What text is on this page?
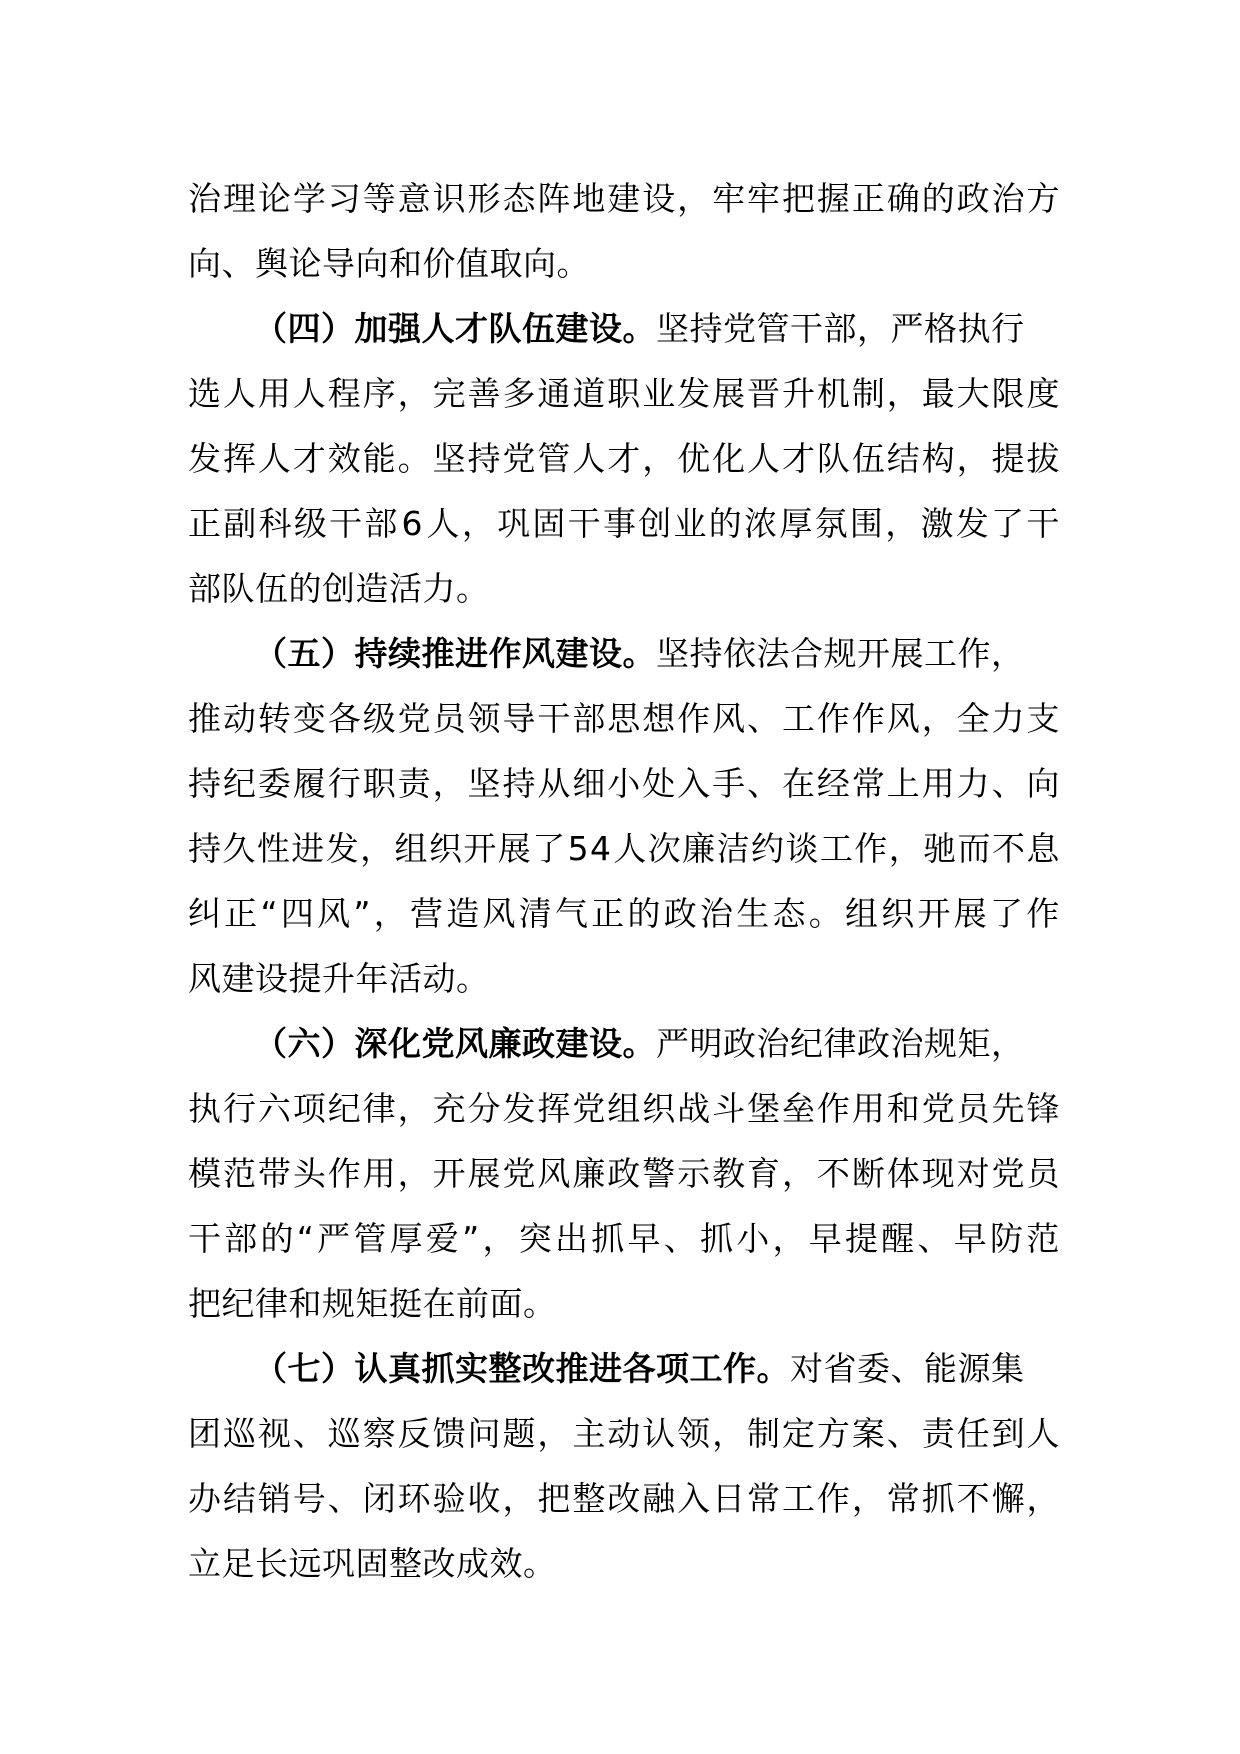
治 理 论 学 习 等 意 识 形 态 阵 地 建 设 ， 牢 牢 把 握 正 确 的 政 治 方
向、舆论导向和价值取向。
（四）加强人才队伍建设。坚持党管干部，严格执行
选 人 用 人 程 序 ， 完 善 多 通 道 职 业 发 展 晋 升 机 制 ， 最 大 限 度
发 挥 人 才 效 能 。 坚 持 党 管 人 才 ， 优 化 人 才 队 伍 结 构 ， 提 拔
正 副 科 级 干 部 6 人 ， 巩 固 干 事 创 业 的 浓 厚 氛 围 ， 激 发 了 干
部队伍的创造活力。
（五）持续推进作风建设。坚持依法合规开展工作，
推 动 转 变 各 级 党 员 领 导 干 部 思 想 作 风 、 工 作 作 风 ， 全 力 支
持 纪 委 履 行 职 责 ， 坚 持 从 细 小 处 入 手 、 在 经 常 上 用 力 、 向
持 久 性 进 发 ， 组 织 开 展 了 5 4 人 次 廉 洁 约 谈 工 作 ， 驰 而 不 息
纠 正 “ 四 风 ” ， 营 造 风 清 气 正 的 政 治 生 态 。 组 织 开 展 了 作
风建设提升年活动。
（六）深化党风廉政建设。严明政治纪律政治规矩，
执 行 六 项 纪 律 ， 充 分 发 挥 党 组 织 战 斗 堡 垒 作 用 和 党 员 先 锋
模 范 带 头 作 用 ， 开 展 党 风 廉 政 警 示 教 育 ， 不 断 体 现 对 党 员
干 部 的 “ 严 管 厚 爱 ” ， 突 出 抓 早 、 抓 小 ， 早 提 醒 、 早 防 范
把纪律和规矩挺在前面。
（七）认真抓实整改推进各项工作。对省委、能源集
团 巡 视 、 巡 察 反 馈 问 题 ， 主 动 认 领 ， 制 定 方 案 、 责 任 到 人
办 结 销 号 、 闭 环 验 收 ， 把 整 改 融 入 日 常 工 作 ， 常 抓 不 懈 ，
立足长远巩固整改成效。
